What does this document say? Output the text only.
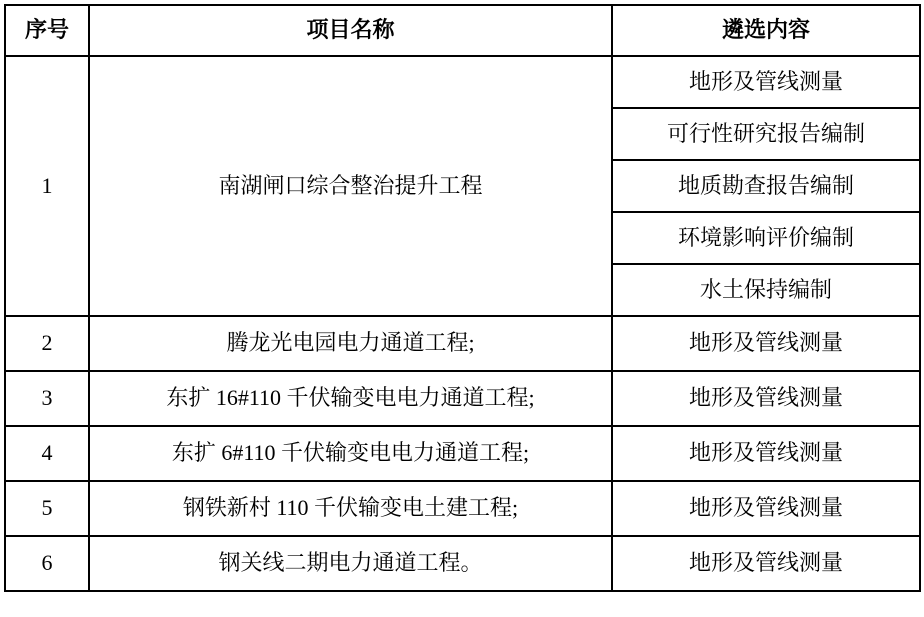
序号	项目名称	遴选内容
1	南湖闸口综合整治提升工程	地形及管线测量
		可行性研究报告编制
		地质勘查报告编制
		环境影响评价编制
		水土保持编制
2	腾龙光电园电力通道工程;	地形及管线测量
3	东扩 16#110 千伏输变电电力通道工程;	地形及管线测量
4	东扩 6#110 千伏输变电电力通道工程;	地形及管线测量
5	钢铁新村 110 千伏输变电土建工程;	地形及管线测量
6	钢关线二期电力通道工程。	地形及管线测量
